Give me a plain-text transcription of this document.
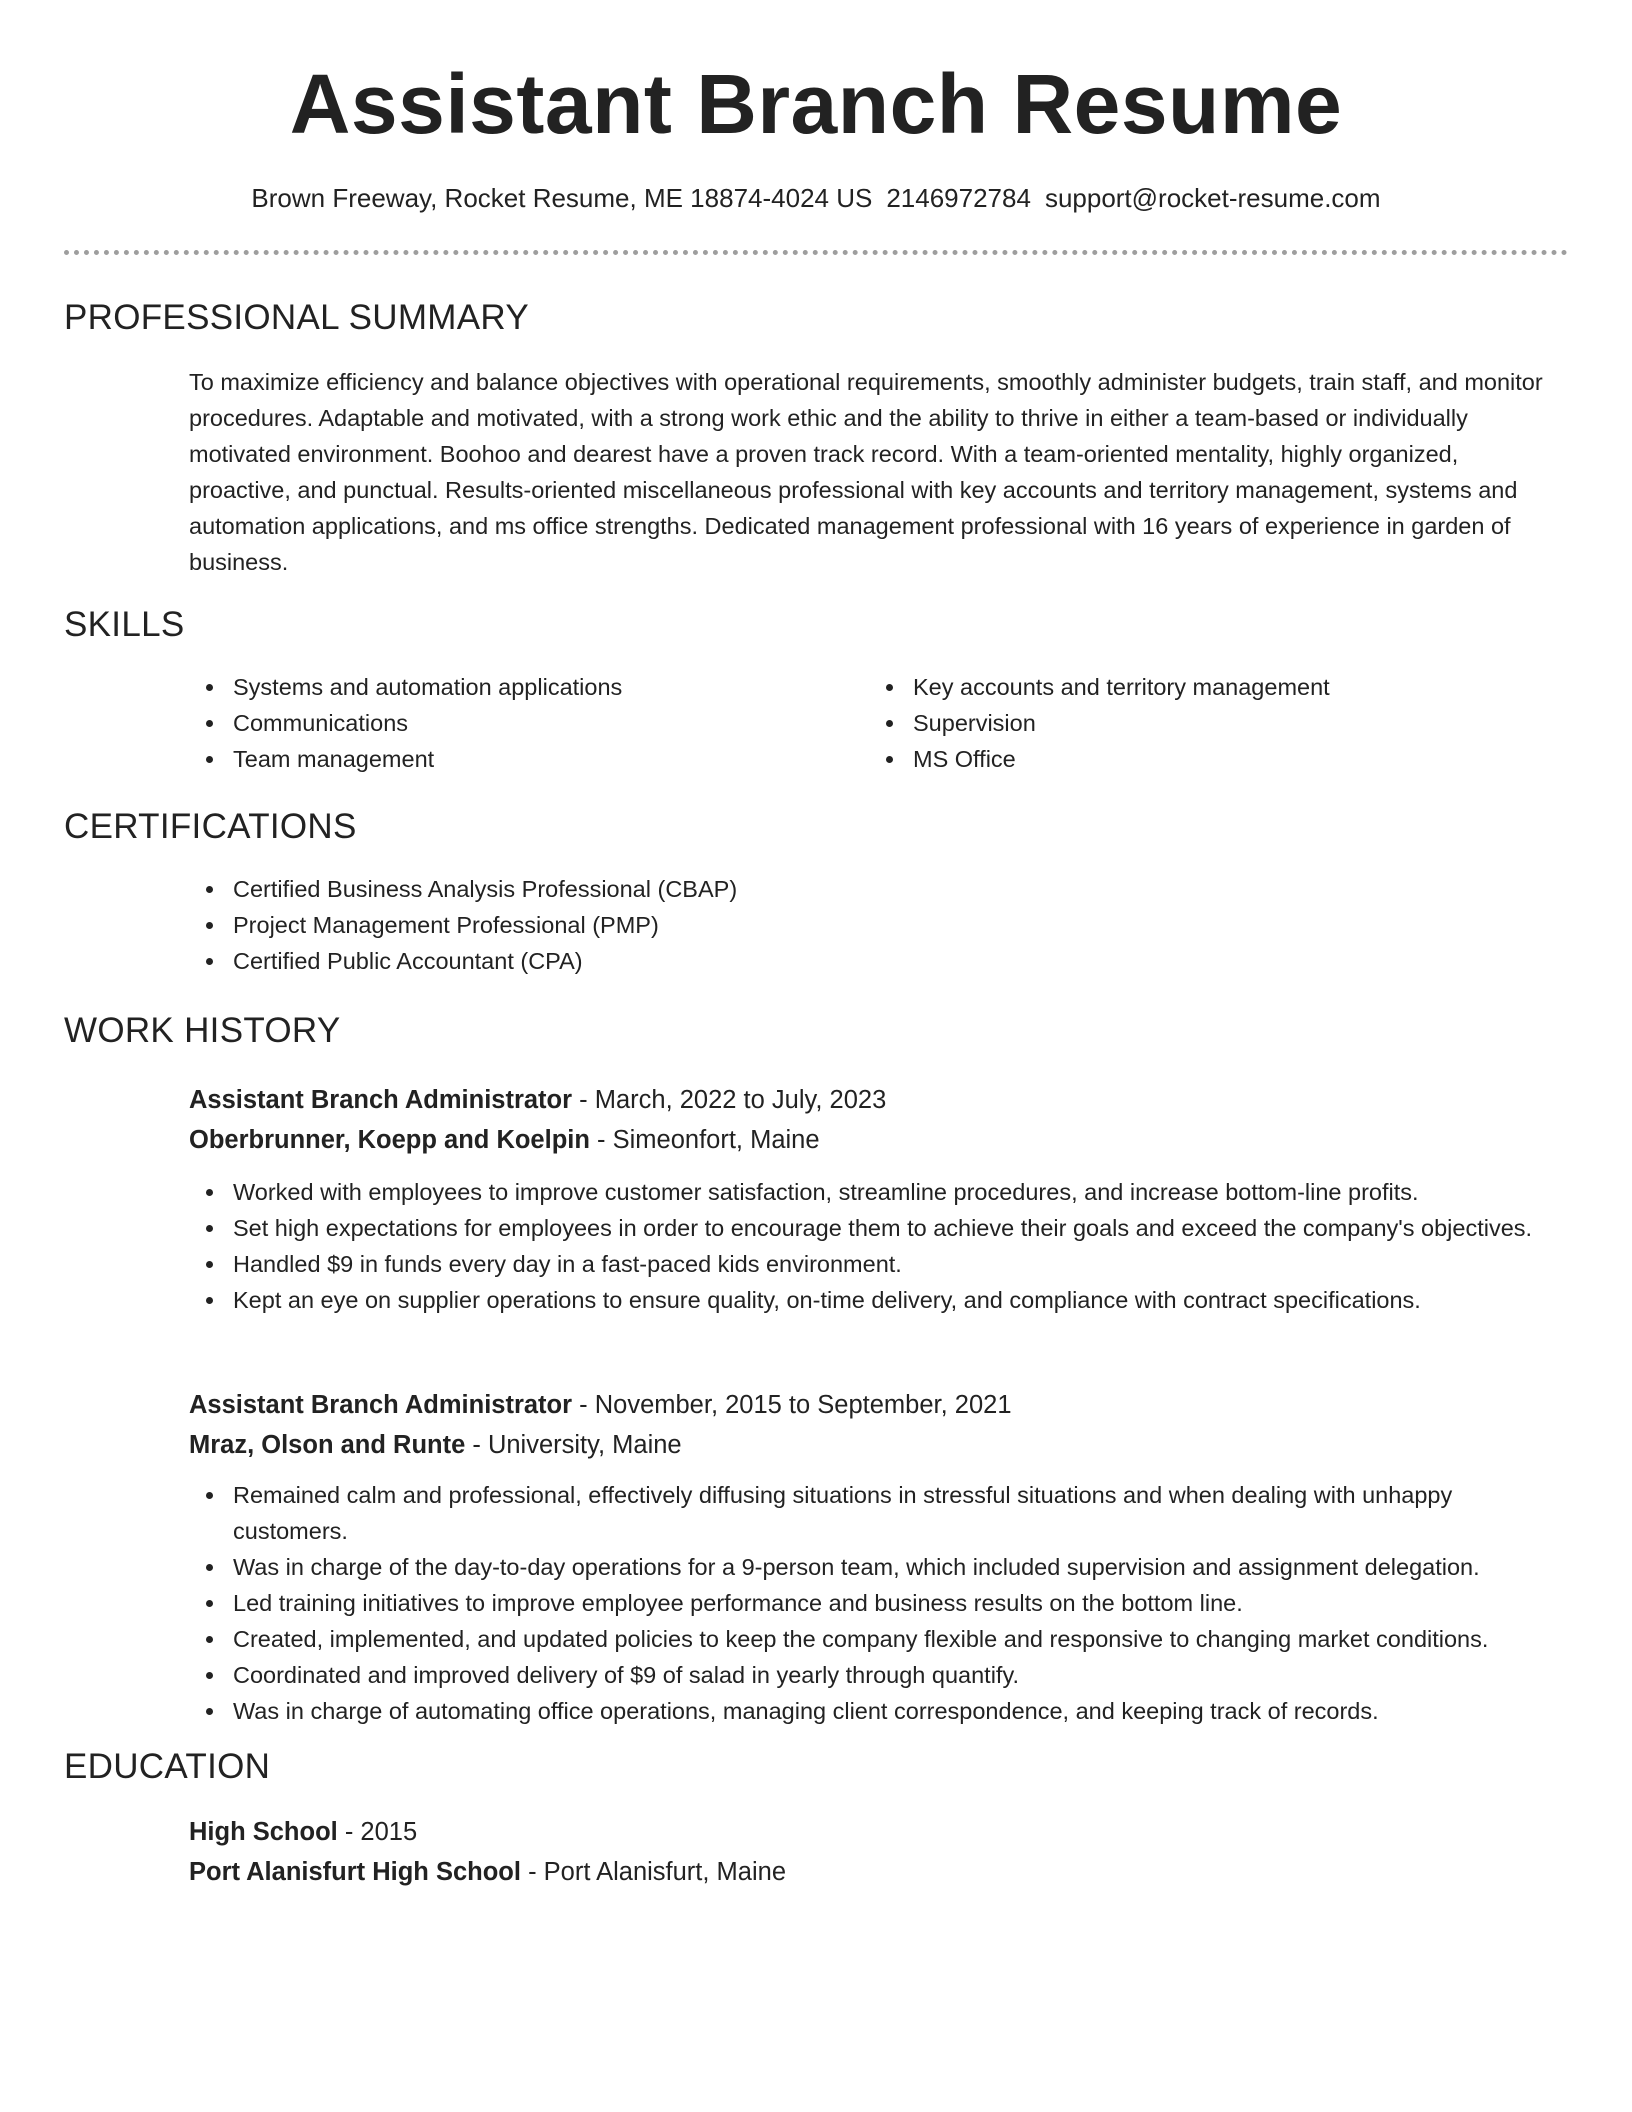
Assistant Branch Resume
Brown Freeway, Rocket Resume, ME 18874-4024 US 2146972784 support@rocket-resume.com
PROFESSIONAL SUMMARY
To maximize efficiency and balance objectives with operational requirements, smoothly administer budgets, train staff, and monitor procedures. Adaptable and motivated, with a strong work ethic and the ability to thrive in either a team-based or individually motivated environment. Boohoo and dearest have a proven track record. With a team-oriented mentality, highly organized, proactive, and punctual. Results-oriented miscellaneous professional with key accounts and territory management, systems and automation applications, and ms office strengths. Dedicated management professional with 16 years of experience in garden of business.
SKILLS
Systems and automation applications
Communications
Team management
Key accounts and territory management
Supervision
MS Office
CERTIFICATIONS
Certified Business Analysis Professional (CBAP)
Project Management Professional (PMP)
Certified Public Accountant (CPA)
WORK HISTORY
Assistant Branch Administrator - March, 2022 to July, 2023
Oberbrunner, Koepp and Koelpin - Simeonfort, Maine
Worked with employees to improve customer satisfaction, streamline procedures, and increase bottom-line profits.
Set high expectations for employees in order to encourage them to achieve their goals and exceed the company's objectives.
Handled $9 in funds every day in a fast-paced kids environment.
Kept an eye on supplier operations to ensure quality, on-time delivery, and compliance with contract specifications.
Assistant Branch Administrator - November, 2015 to September, 2021
Mraz, Olson and Runte - University, Maine
Remained calm and professional, effectively diffusing situations in stressful situations and when dealing with unhappy customers.
Was in charge of the day-to-day operations for a 9-person team, which included supervision and assignment delegation.
Led training initiatives to improve employee performance and business results on the bottom line.
Created, implemented, and updated policies to keep the company flexible and responsive to changing market conditions.
Coordinated and improved delivery of $9 of salad in yearly through quantify.
Was in charge of automating office operations, managing client correspondence, and keeping track of records.
EDUCATION
High School - 2015
Port Alanisfurt High School - Port Alanisfurt, Maine
